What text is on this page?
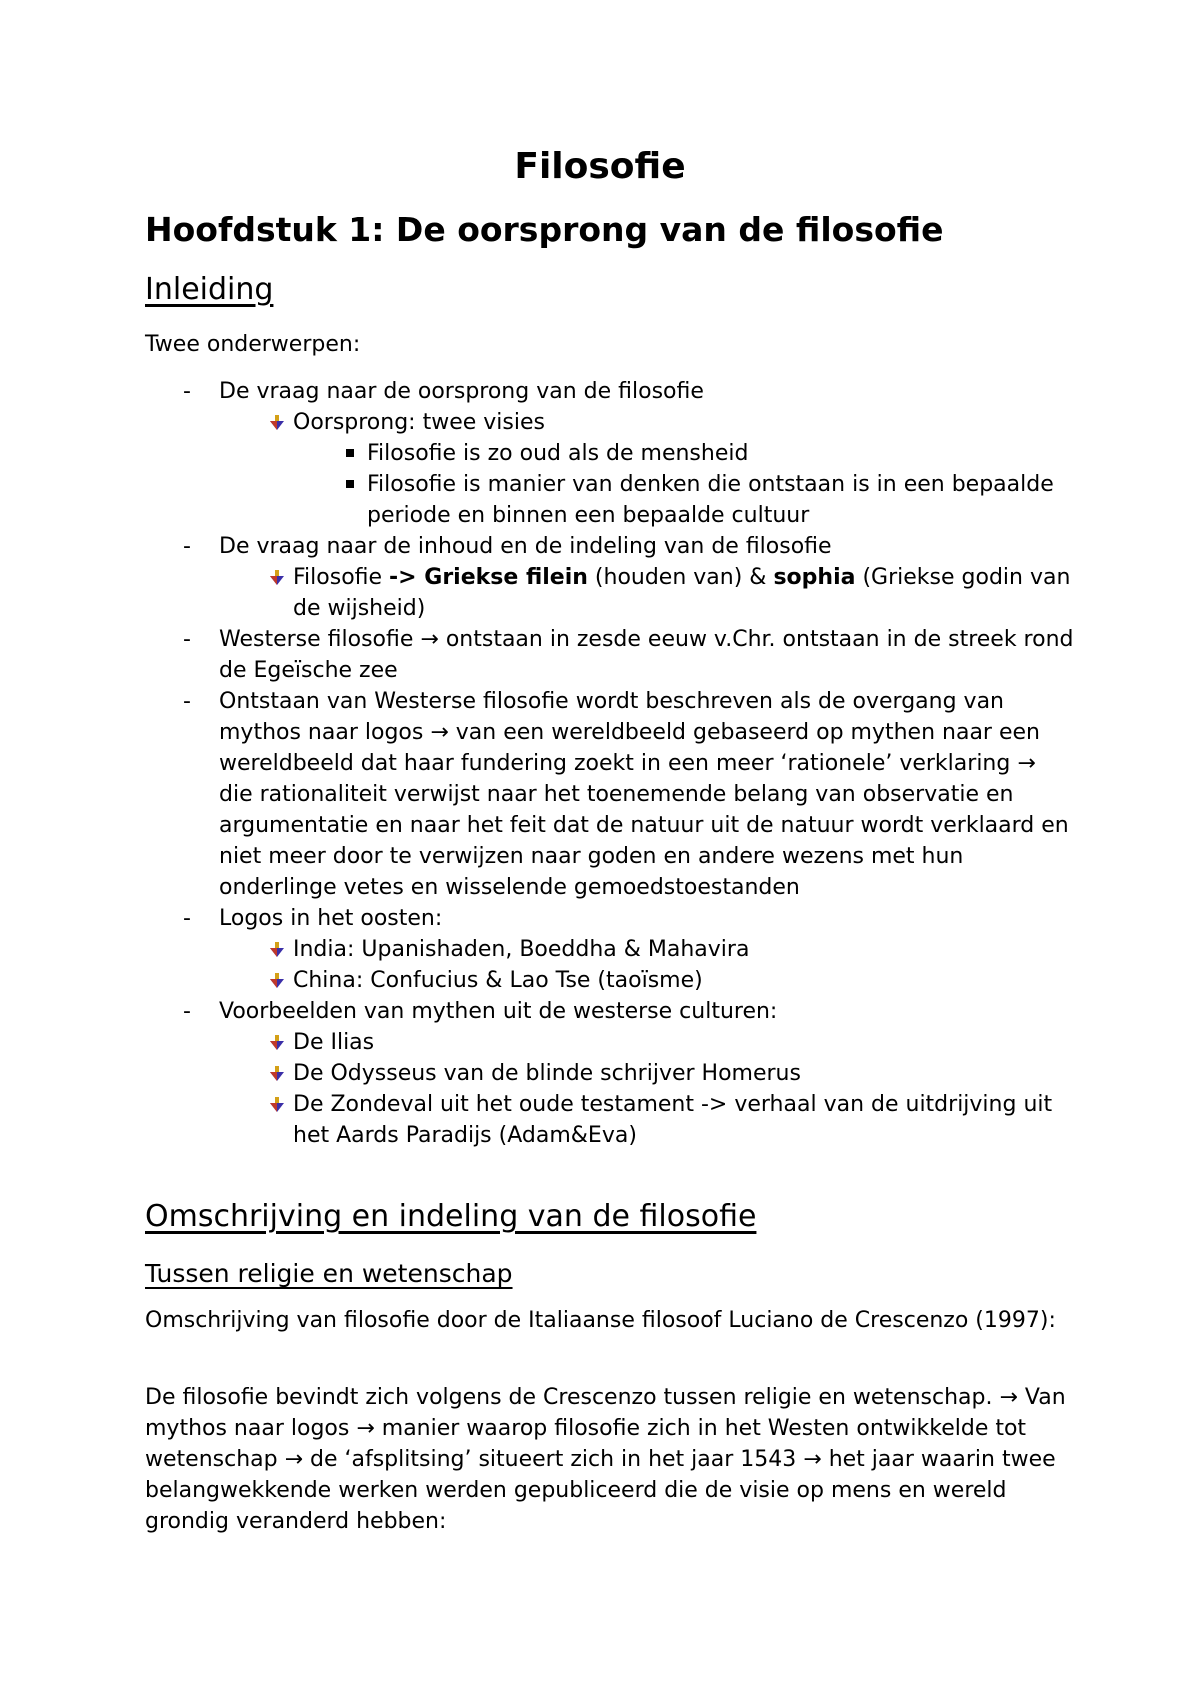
Filosofie
Hoofdstuk 1: De oorsprong van de filosofie
Inleiding

Twee onderwerpen:

- De vraag naar de oorsprong van de filosofie
Oorsprong: twee visies
Filosofie is zo oud als de mensheid
Filosofie is manier van denken die ontstaan is in een bepaalde periode en binnen een bepaalde cultuur
- De vraag naar de inhoud en de indeling van de filosofie
Filosofie -> Griekse filein (houden van) & sophia (Griekse godin van de wijsheid)
- Westerse filosofie → ontstaan in zesde eeuw v.Chr. ontstaan in de streek rond de Egeïsche zee
- Ontstaan van Westerse filosofie wordt beschreven als de overgang van mythos naar logos → van een wereldbeeld gebaseerd op mythen naar een wereldbeeld dat haar fundering zoekt in een meer ‘rationele’ verklaring → die rationaliteit verwijst naar het toenemende belang van observatie en argumentatie en naar het feit dat de natuur uit de natuur wordt verklaard en niet meer door te verwijzen naar goden en andere wezens met hun onderlinge vetes en wisselende gemoedstoestanden
- Logos in het oosten:
India: Upanishaden, Boeddha & Mahavira
China: Confucius & Lao Tse (taoïsme)
- Voorbeelden van mythen uit de westerse culturen:
De Ilias
De Odysseus van de blinde schrijver Homerus
De Zondeval uit het oude testament -> verhaal van de uitdrijving uit het Aards Paradijs (Adam&Eva)
Omschrijving en indeling van de filosofie
Tussen religie en wetenschap

Omschrijving van filosofie door de Italiaanse filosoof Luciano de Crescenzo (1997):

De filosofie bevindt zich volgens de Crescenzo tussen religie en wetenschap. → Van mythos naar logos → manier waarop filosofie zich in het Westen ontwikkelde tot wetenschap → de ‘afsplitsing’ situeert zich in het jaar 1543 → het jaar waarin twee belangwekkende werken werden gepubliceerd die de visie op mens en wereld grondig veranderd hebben:
